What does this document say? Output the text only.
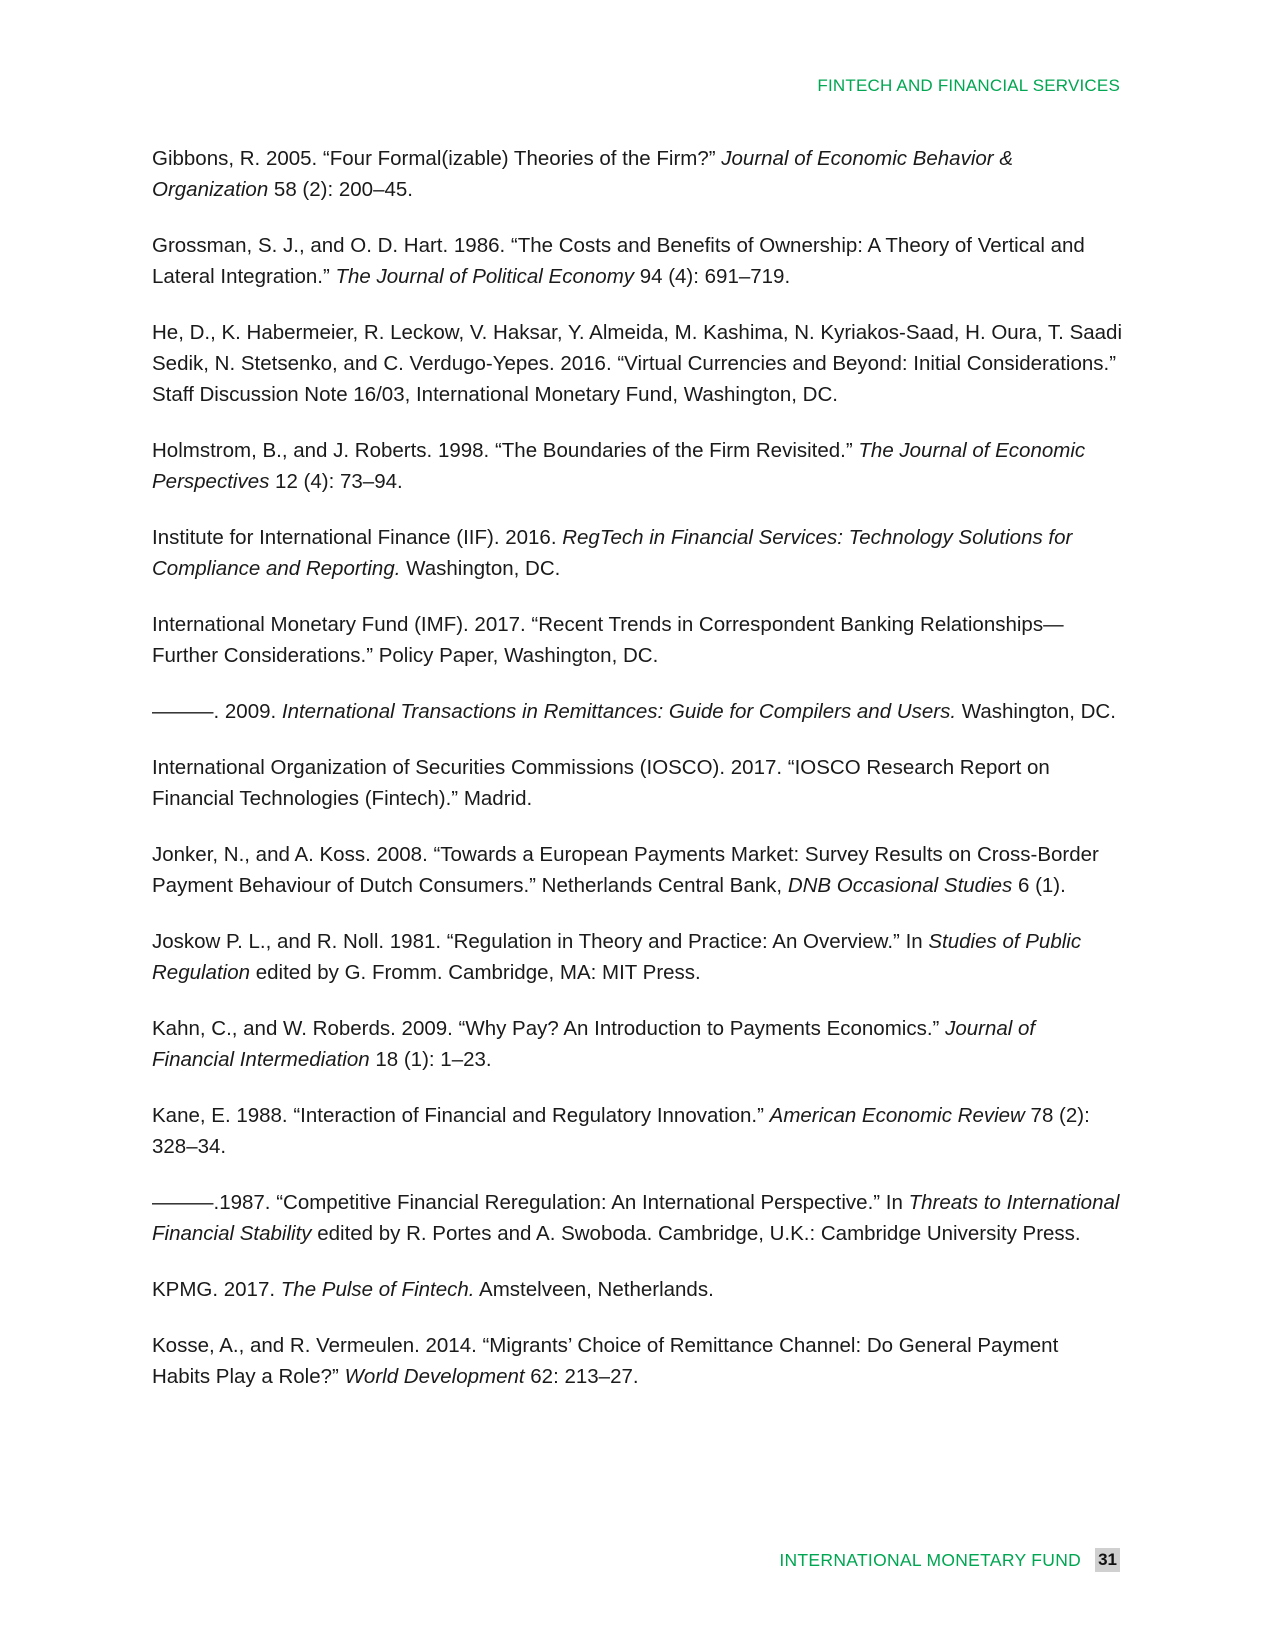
FINTECH AND FINANCIAL SERVICES

Gibbons, R. 2005. “Four Formal(izable) Theories of the Firm?” Journal of Economic Behavior & Organization 58 (2): 200–45.

Grossman, S. J., and O. D. Hart. 1986. “The Costs and Benefits of Ownership: A Theory of Vertical and Lateral Integration.” The Journal of Political Economy 94 (4): 691–719.

He, D., K. Habermeier, R. Leckow, V. Haksar, Y. Almeida, M. Kashima, N. Kyriakos-Saad, H. Oura, T. Saadi Sedik, N. Stetsenko, and C. Verdugo-Yepes. 2016. “Virtual Currencies and Beyond: Initial Considerations.” Staff Discussion Note 16/03, International Monetary Fund, Washington, DC.

Holmstrom, B., and J. Roberts. 1998. “The Boundaries of the Firm Revisited.” The Journal of Economic Perspectives 12 (4): 73–94.

Institute for International Finance (IIF). 2016. RegTech in Financial Services: Technology Solutions for Compliance and Reporting. Washington, DC.

International Monetary Fund (IMF). 2017. “Recent Trends in Correspondent Banking Relationships—Further Considerations.” Policy Paper, Washington, DC.

———. 2009. International Transactions in Remittances: Guide for Compilers and Users. Washington, DC.

International Organization of Securities Commissions (IOSCO). 2017. “IOSCO Research Report on Financial Technologies (Fintech).” Madrid.

Jonker, N., and A. Koss. 2008. “Towards a European Payments Market: Survey Results on Cross-Border Payment Behaviour of Dutch Consumers.” Netherlands Central Bank, DNB Occasional Studies 6 (1).

Joskow P. L., and R. Noll. 1981. “Regulation in Theory and Practice: An Overview.” In Studies of Public Regulation edited by G. Fromm. Cambridge, MA: MIT Press.

Kahn, C., and W. Roberds. 2009. “Why Pay? An Introduction to Payments Economics.” Journal of Financial Intermediation 18 (1): 1–23.

Kane, E. 1988. “Interaction of Financial and Regulatory Innovation.” American Economic Review 78 (2): 328–34.

———.1987. “Competitive Financial Reregulation: An International Perspective.” In Threats to International Financial Stability edited by R. Portes and A. Swoboda. Cambridge, U.K.: Cambridge University Press.

KPMG. 2017. The Pulse of Fintech. Amstelveen, Netherlands.

Kosse, A., and R. Vermeulen. 2014. “Migrants’ Choice of Remittance Channel: Do General Payment Habits Play a Role?” World Development 62: 213–27.

INTERNATIONAL MONETARY FUND 31
